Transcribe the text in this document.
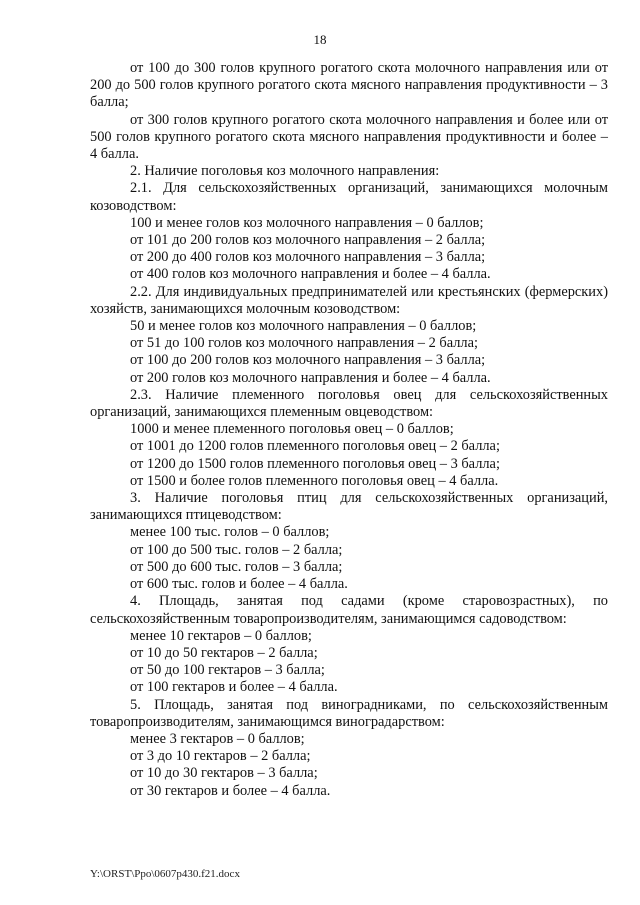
18

от 100 до 300 голов крупного рогатого скота молочного направления или от 200 до 500 голов крупного рогатого скота мясного направления продуктивности – 3 балла;

от 300 голов крупного рогатого скота молочного направления и более или от 500 голов крупного рогатого скота мясного направления продуктивности и более – 4 балла.

2. Наличие поголовья коз молочного направления:

2.1. Для сельскохозяйственных организаций, занимающихся молочным козоводством:

100 и менее голов коз молочного направления – 0 баллов;

от 101 до 200 голов коз молочного направления – 2 балла;

от 200 до 400 голов коз молочного направления – 3 балла;

от 400 голов коз молочного направления и более – 4 балла.

2.2. Для индивидуальных предпринимателей или крестьянских (фермерских) хозяйств, занимающихся молочным козоводством:

50 и менее голов коз молочного направления – 0 баллов;

от 51 до 100 голов коз молочного направления – 2 балла;

от 100 до 200 голов коз молочного направления – 3 балла;

от 200 голов коз молочного направления и более – 4 балла.

2.3. Наличие племенного поголовья овец для сельскохозяйственных организаций, занимающихся племенным овцеводством:

1000 и менее племенного поголовья овец – 0 баллов;

от 1001 до 1200 голов племенного поголовья овец – 2 балла;

от 1200 до 1500 голов племенного поголовья овец – 3 балла;

от 1500 и более голов племенного поголовья овец – 4 балла.

3. Наличие поголовья птиц для сельскохозяйственных организаций, занимающихся птицеводством:

менее 100 тыс. голов – 0 баллов;

от 100 до 500 тыс. голов – 2 балла;

от 500 до 600 тыс. голов – 3 балла;

от 600 тыс. голов и более – 4 балла.

4. Площадь, занятая под садами (кроме старовозрастных), по сельскохозяйственным товаропроизводителям, занимающимся садоводством:

менее 10 гектаров – 0 баллов;

от 10 до 50 гектаров – 2 балла;

от 50 до 100 гектаров – 3 балла;

от 100 гектаров и более – 4 балла.

5. Площадь, занятая под виноградниками, по сельскохозяйственным товаропроизводителям, занимающимся виноградарством:

менее 3 гектаров – 0 баллов;

от 3 до 10 гектаров – 2 балла;

от 10 до 30 гектаров – 3 балла;

от 30 гектаров и более – 4 балла.

Y:\ORST\Ppo\0607p430.f21.docx
